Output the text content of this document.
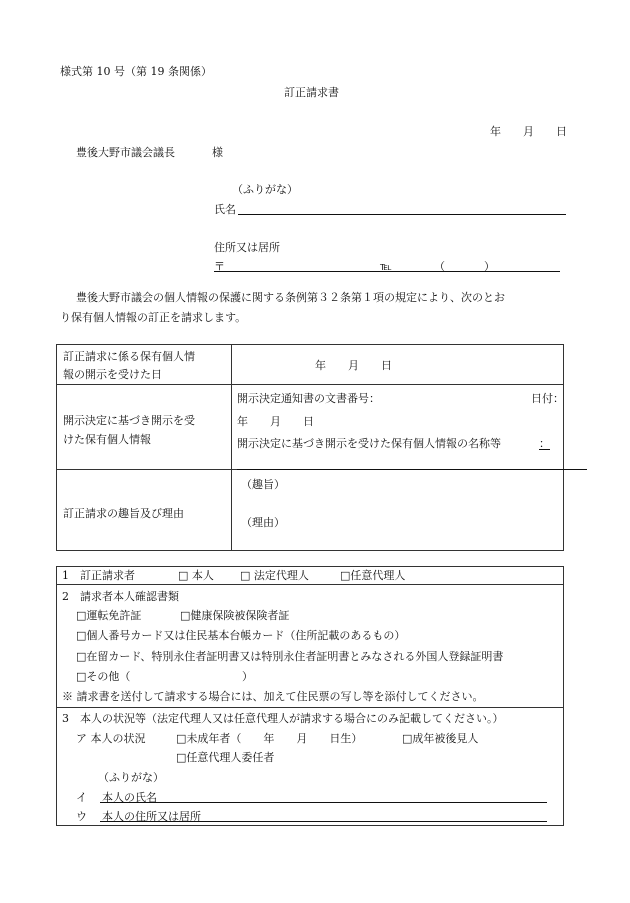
様式第 10 号（第 19 条関係）
訂正請求書
年　　月　　日
豊後大野市議会議長	様
（ふりがな）
氏名
住所又は居所
〒	℡	（	）
豊後大野市議会の個人情報の保護に関する条例第３２条第１項の規定により、次のとお
り保有個人情報の訂正を請求します。
訂正請求に係る保有個人情
報の開示を受けた日
年　　月　　日
開示決定に基づき開示を受
けた保有個人情報
開示決定通知書の文書番号：	日付：
年　　月　　日
開示決定に基づき開示を受けた保有個人情報の名称等	：
訂正請求の趣旨及び理由
（趣旨）
（理由）
1　訂正請求者	□ 本人 □ 法定代理人	□任意代理人
2　請求者本人確認書類
□運転免許証	□健康保険被保険者証
□個人番号カード又は住民基本台帳カード（住所記載のあるもの）
□在留カード、特別永住者証明書又は特別永住者証明書とみなされる外国人登録証明書
□その他（	）
※ 請求書を送付して請求する場合には、加えて住民票の写し等を添付してください。
3　本人の状況等（法定代理人又は任意代理人が請求する場合にのみ記載してください。）
ア 本人の状況	□未成年者（　　年　　月　　日生）	□成年被後見人
□任意代理人委任者
（ふりがな）
イ 本人の氏名
ウ 本人の住所又は居所
